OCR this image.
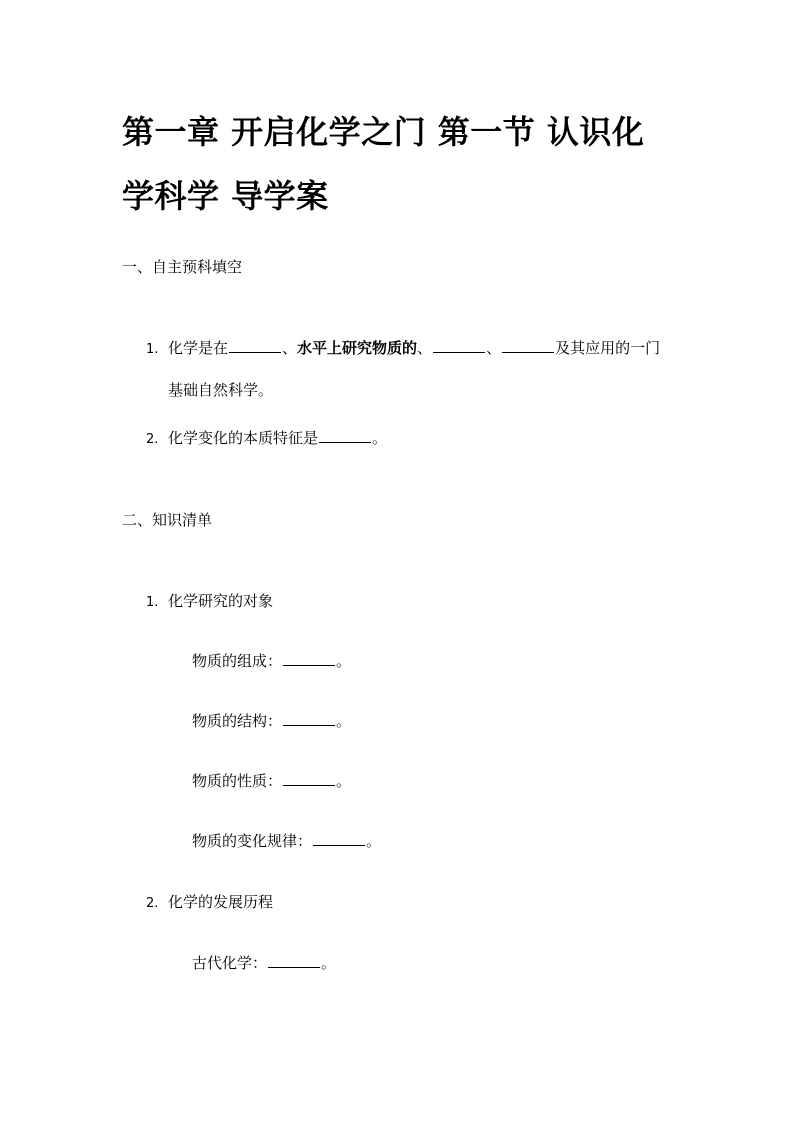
第一章 开启化学之门 第一节 认识化
学科学 导学案
一、自主预科填空
1. 化学是在	、水平上研究物质的、	、	及其应用的一门
基础自然科学。
2. 化学变化的本质特征是	。
二、知识清单
1. 化学研究的对象
物质的组成：	。
物质的结构：	。
物质的性质：	。
物质的变化规律：	。
2. 化学的发展历程
古代化学：	。
